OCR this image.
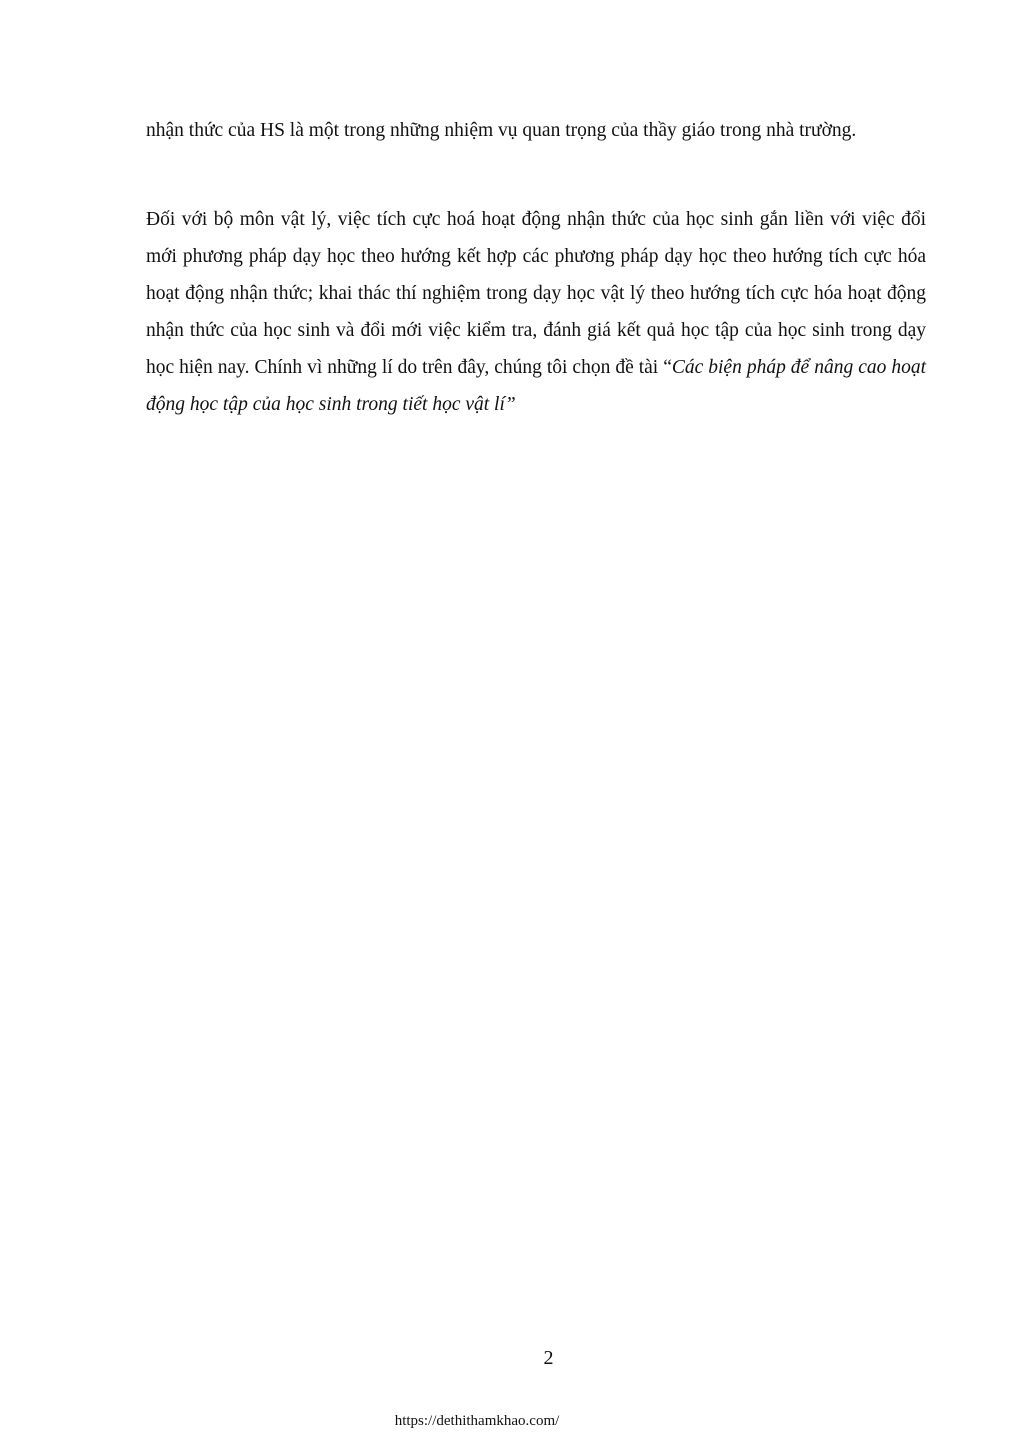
nhận thức của HS là một trong những nhiệm vụ quan trọng của thầy giáo trong nhà trường.

Đối với bộ môn vật lý, việc tích cực hoá hoạt động nhận thức của học sinh gắn liền với việc đổi mới phương pháp dạy học theo hướng kết hợp các phương pháp dạy học theo hướng tích cực hóa hoạt động nhận thức; khai thác thí nghiệm trong dạy học vật lý theo hướng tích cực hóa hoạt động nhận thức của học sinh và đổi mới việc kiểm tra, đánh giá kết quả học tập của học sinh trong dạy học hiện nay. Chính vì những lí do trên đây, chúng tôi chọn đề tài “Các biện pháp để nâng cao hoạt động học tập của học sinh trong tiết học vật lí”

2
https://dethithamkhao.com/
